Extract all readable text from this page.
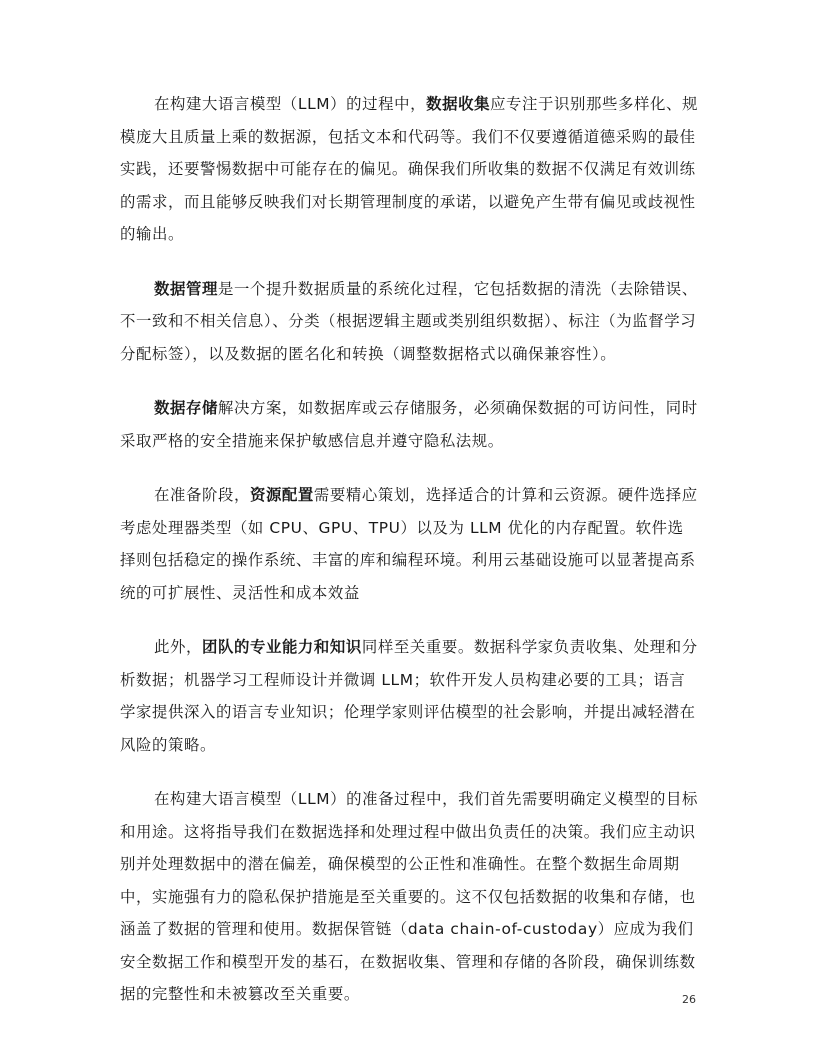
在构建大语言模型（LLM）的过程中，数据收集应专注于识别那些多样化、规模庞大且质量上乘的数据源，包括文本和代码等。我们不仅要遵循道德采购的最佳实践，还要警惕数据中可能存在的偏见。确保我们所收集的数据不仅满足有效训练的需求，而且能够反映我们对长期管理制度的承诺，以避免产生带有偏见或歧视性的输出。

数据管理是一个提升数据质量的系统化过程，它包括数据的清洗（去除错误、不一致和不相关信息）、分类（根据逻辑主题或类别组织数据）、标注（为监督学习分配标签），以及数据的匿名化和转换（调整数据格式以确保兼容性）。

数据存储解决方案，如数据库或云存储服务，必须确保数据的可访问性，同时采取严格的安全措施来保护敏感信息并遵守隐私法规。

在准备阶段，资源配置需要精心策划，选择适合的计算和云资源。硬件选择应考虑处理器类型（如 CPU、GPU、TPU）以及为 LLM 优化的内存配置。软件选择则包括稳定的操作系统、丰富的库和编程环境。利用云基础设施可以显著提高系统的可扩展性、灵活性和成本效益

此外，团队的专业能力和知识同样至关重要。数据科学家负责收集、处理和分析数据；机器学习工程师设计并微调 LLM；软件开发人员构建必要的工具；语言学家提供深入的语言专业知识；伦理学家则评估模型的社会影响，并提出减轻潜在风险的策略。

在构建大语言模型（LLM）的准备过程中，我们首先需要明确定义模型的目标和用途。这将指导我们在数据选择和处理过程中做出负责任的决策。我们应主动识别并处理数据中的潜在偏差，确保模型的公正性和准确性。在整个数据生命周期中，实施强有力的隐私保护措施是至关重要的。这不仅包括数据的收集和存储，也涵盖了数据的管理和使用。数据保管链（data chain-of-custoday）应成为我们安全数据工作和模型开发的基石，在数据收集、管理和存储的各阶段，确保训练数据的完整性和未被篡改至关重要。	26
